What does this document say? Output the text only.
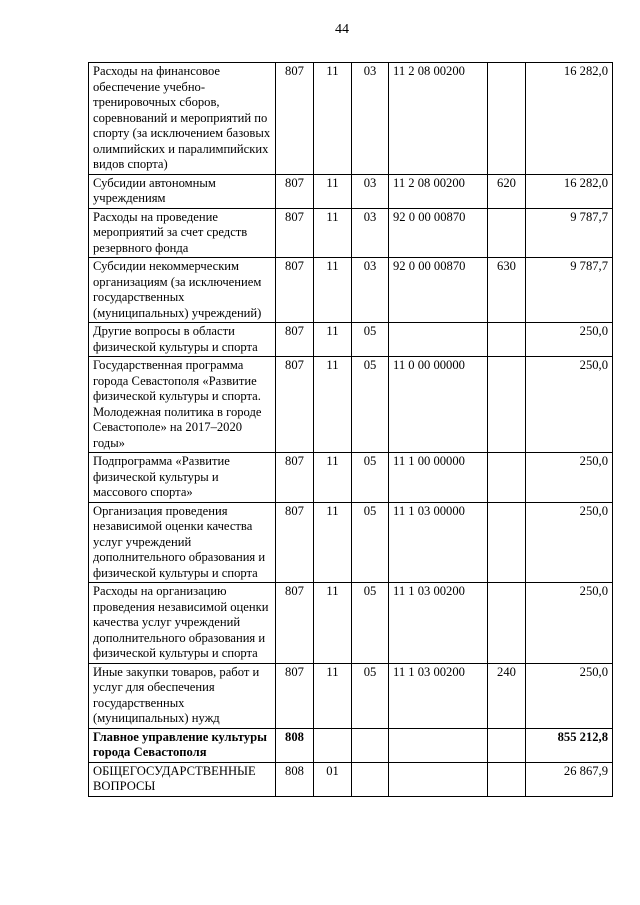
44
Расходы на финансовое обеспечение учебно-тренировочных сборов, соревнований и мероприятий по спорту (за исключением базовых олимпийских и паралимпийских видов спорта)	807	11	03	11 2 08 00200		16 282,0
Субсидии автономным учреждениям	807	11	03	11 2 08 00200	620	16 282,0
Расходы на проведение мероприятий за счет средств резервного фонда	807	11	03	92 0 00 00870		9 787,7
Субсидии некоммерческим организациям (за исключением государственных (муниципальных) учреждений)	807	11	03	92 0 00 00870	630	9 787,7
Другие вопросы в области физической культуры и спорта	807	11	05			250,0
Государственная программа города Севастополя «Развитие физической культуры и спорта. Молодежная политика в городе Севастополе» на 2017–2020 годы»	807	11	05	11 0 00 00000		250,0
Подпрограмма «Развитие физической культуры и массового спорта»	807	11	05	11 1 00 00000		250,0
Организация проведения независимой оценки качества услуг учреждений дополнительного образования и физической культуры и спорта	807	11	05	11 1 03 00000		250,0
Расходы на организацию проведения независимой оценки качества услуг учреждений дополнительного образования и физической культуры и спорта	807	11	05	11 1 03 00200		250,0
Иные закупки товаров, работ и услуг для обеспечения государственных (муниципальных) нужд	807	11	05	11 1 03 00200	240	250,0
Главное управление культуры города Севастополя	808					855 212,8
ОБЩЕГОСУДАРСТВЕННЫЕ ВОПРОСЫ	808	01				26 867,9
